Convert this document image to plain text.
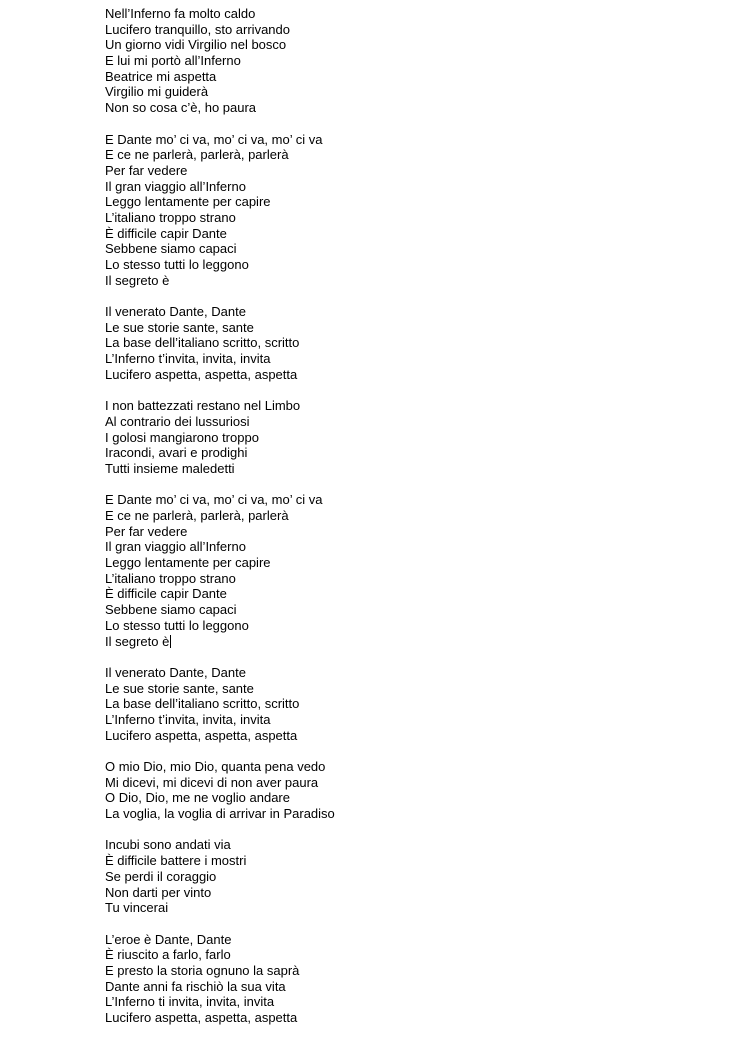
Nell’Inferno fa molto caldo
Lucifero tranquillo, sto arrivando
Un giorno vidi Virgilio nel bosco
E lui mi portò all’Inferno
Beatrice mi aspetta
Virgilio mi guiderà
Non so cosa c’è, ho paura
E Dante mo’ ci va, mo’ ci va, mo’ ci va
E ce ne parlerà, parlerà, parlerà
Per far vedere
Il gran viaggio all’Inferno
Leggo lentamente per capire
L’italiano troppo strano
È difficile capir Dante
Sebbene siamo capaci
Lo stesso tutti lo leggono
Il segreto è
Il venerato Dante, Dante
Le sue storie sante, sante
La base dell’italiano scritto, scritto
L’Inferno t’invita, invita, invita
Lucifero aspetta, aspetta, aspetta
I non battezzati restano nel Limbo
Al contrario dei lussuriosi
I golosi mangiarono troppo
Iracondi, avari e prodighi
Tutti insieme maledetti
E Dante mo’ ci va, mo’ ci va, mo’ ci va
E ce ne parlerà, parlerà, parlerà
Per far vedere
Il gran viaggio all’Inferno
Leggo lentamente per capire
L’italiano troppo strano
È difficile capir Dante
Sebbene siamo capaci
Lo stesso tutti lo leggono
Il segreto è
Il venerato Dante, Dante
Le sue storie sante, sante
La base dell’italiano scritto, scritto
L’Inferno t’invita, invita, invita
Lucifero aspetta, aspetta, aspetta
O mio Dio, mio Dio, quanta pena vedo
Mi dicevi, mi dicevi di non aver paura
O Dio, Dio, me ne voglio andare
La voglia, la voglia di arrivar in Paradiso
Incubi sono andati via
È difficile battere i mostri
Se perdi il coraggio
Non darti per vinto
Tu vincerai
L’eroe è Dante, Dante
È riuscito a farlo, farlo
E presto la storia ognuno la saprà
Dante anni fa rischiò la sua vita
L’Inferno ti invita, invita, invita
Lucifero aspetta, aspetta, aspetta
